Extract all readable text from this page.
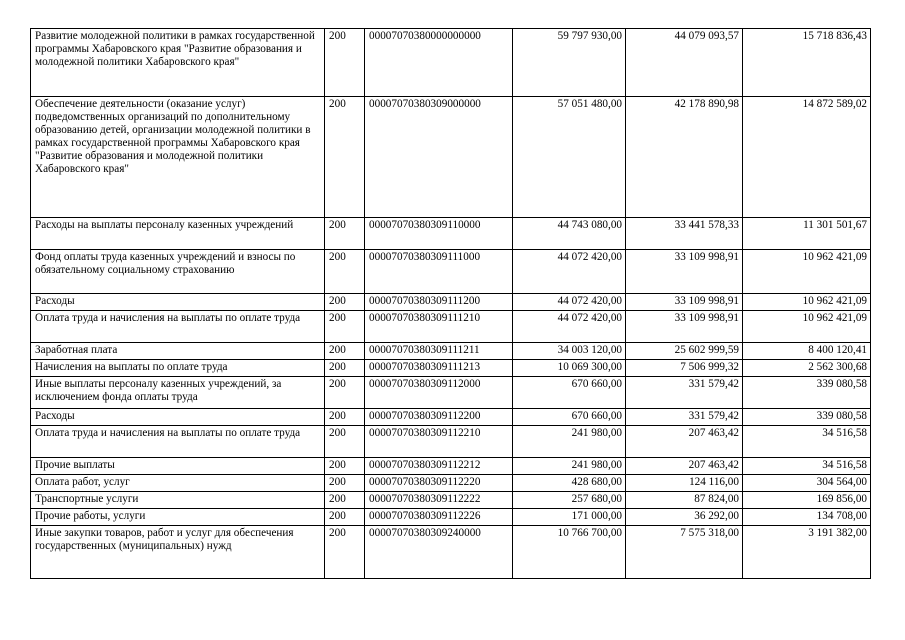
Развитие молодежной политики в рамках государственной программы Хабаровского края "Развитие образования и молодежной политики Хабаровского края"	200	00007070380000000000	59 797 930,00	44 079 093,57	15 718 836,43
Обеспечение деятельности (оказание услуг) подведомственных организаций по дополнительному образованию детей, организации молодежной политики в рамках государственной программы Хабаровского края "Развитие образования и молодежной политики Хабаровского края"	200	00007070380309000000	57 051 480,00	42 178 890,98	14 872 589,02
Расходы на выплаты персоналу казенных учреждений	200	00007070380309110000	44 743 080,00	33 441 578,33	11 301 501,67
Фонд оплаты труда казенных учреждений и взносы по обязательному социальному страхованию	200	00007070380309111000	44 072 420,00	33 109 998,91	10 962 421,09
Расходы	200	00007070380309111200	44 072 420,00	33 109 998,91	10 962 421,09
Оплата труда и начисления на выплаты по оплате труда	200	00007070380309111210	44 072 420,00	33 109 998,91	10 962 421,09
Заработная плата	200	00007070380309111211	34 003 120,00	25 602 999,59	8 400 120,41
Начисления на выплаты по оплате труда	200	00007070380309111213	10 069 300,00	7 506 999,32	2 562 300,68
Иные выплаты персоналу казенных учреждений, за исключением фонда оплаты труда	200	00007070380309112000	670 660,00	331 579,42	339 080,58
Расходы	200	00007070380309112200	670 660,00	331 579,42	339 080,58
Оплата труда и начисления на выплаты по оплате труда	200	00007070380309112210	241 980,00	207 463,42	34 516,58
Прочие выплаты	200	00007070380309112212	241 980,00	207 463,42	34 516,58
Оплата работ, услуг	200	00007070380309112220	428 680,00	124 116,00	304 564,00
Транспортные услуги	200	00007070380309112222	257 680,00	87 824,00	169 856,00
Прочие работы, услуги	200	00007070380309112226	171 000,00	36 292,00	134 708,00
Иные закупки товаров, работ и услуг для обеспечения государственных (муниципальных) нужд	200	00007070380309240000	10 766 700,00	7 575 318,00	3 191 382,00
